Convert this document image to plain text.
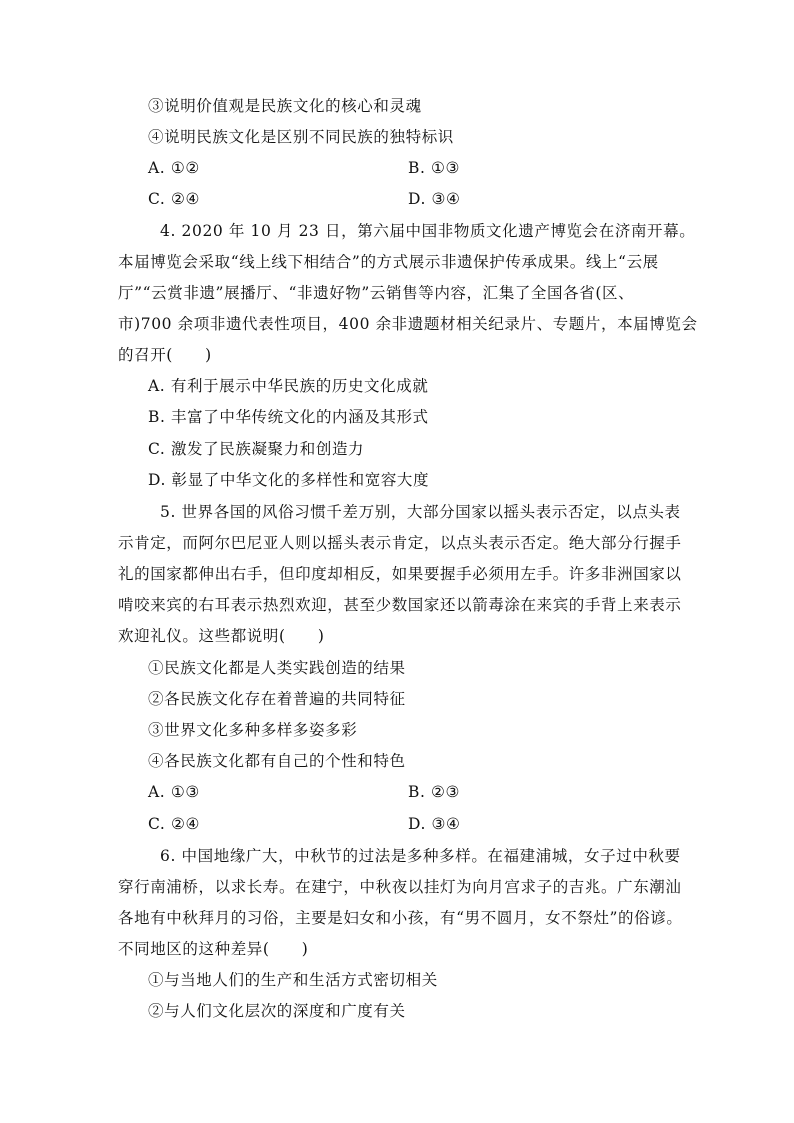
③说明价值观是民族文化的核心和灵魂
④说明民族文化是区别不同民族的独特标识
A. ①②	B. ①③
C. ②④	D. ③④
4. 2020 年 10 月 23 日，第六届中国非物质文化遗产博览会在济南开幕。
本届博览会采取“线上线下相结合”的方式展示非遗保护传承成果。线上“云展
厅”“云赏非遗”展播厅、“非遗好物”云销售等内容，汇集了全国各省(区、
市)700 余项非遗代表性项目，400 余非遗题材相关纪录片、专题片，本届博览会
的召开(　　)
A. 有利于展示中华民族的历史文化成就
B. 丰富了中华传统文化的内涵及其形式
C. 激发了民族凝聚力和创造力
D. 彰显了中华文化的多样性和宽容大度
5. 世界各国的风俗习惯千差万别，大部分国家以摇头表示否定，以点头表
示肯定，而阿尔巴尼亚人则以摇头表示肯定，以点头表示否定。绝大部分行握手
礼的国家都伸出右手，但印度却相反，如果要握手必须用左手。许多非洲国家以
啃咬来宾的右耳表示热烈欢迎，甚至少数国家还以箭毒涂在来宾的手背上来表示
欢迎礼仪。这些都说明(　　)
①民族文化都是人类实践创造的结果
②各民族文化存在着普遍的共同特征
③世界文化多种多样多姿多彩
④各民族文化都有自己的个性和特色
A. ①③	B. ②③
C. ②④	D. ③④
6. 中国地缘广大，中秋节的过法是多种多样。在福建浦城，女子过中秋要
穿行南浦桥，以求长寿。在建宁，中秋夜以挂灯为向月宫求子的吉兆。广东潮汕
各地有中秋拜月的习俗，主要是妇女和小孩，有“男不圆月，女不祭灶”的俗谚。
不同地区的这种差异(　　)
①与当地人们的生产和生活方式密切相关
②与人们文化层次的深度和广度有关
